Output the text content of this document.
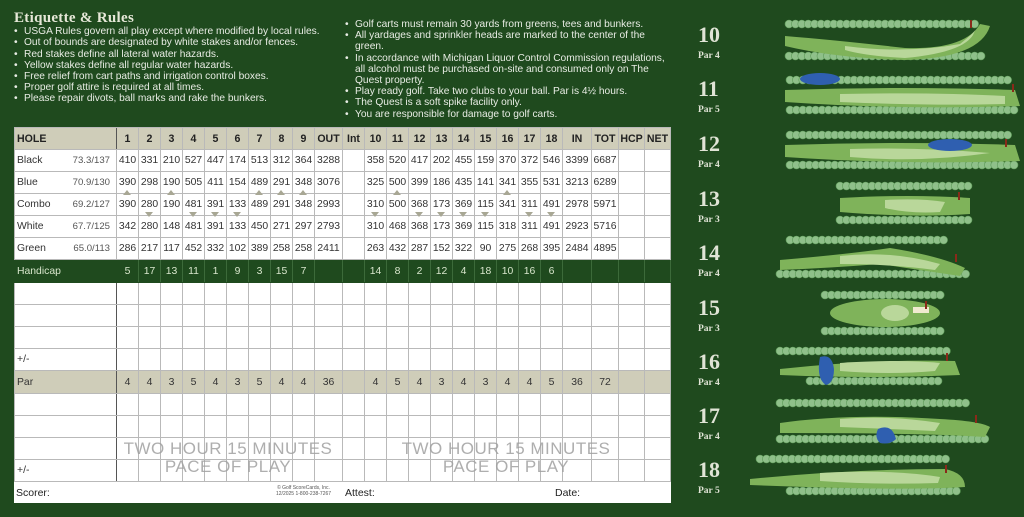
Etiquette & Rules
• USGA Rules govern all play except where modified by local rules.
• Out of bounds are designated by white stakes and/or fences.
• Red stakes define all lateral water hazards.
• Yellow stakes define all regular water hazards.
• Free relief from cart paths and irrigation control boxes.
• Proper golf attire is required at all times.
• Please repair divots, ball marks and rake the bunkers.
• Golf carts must remain 30 yards from greens, tees and bunkers.
• All yardages and sprinkler heads are marked to the center of the green.
• In accordance with Michigan Liquor Control Commission regulations, all alcohol must be purchased on-site and consumed only on The Quest property.
• Play ready golf. Take two clubs to your ball. Par is 4½ hours.
• The Quest is a soft spike facility only.
• You are responsible for damage to golf carts.
HOLE		1	2	3	4	5	6	7	8	9	OUT	Int	10	11	12	13	14	15	16	17	18	IN	TOT	HCP	NET
Black	73.3/137	410	331	210	527	447	174	513	312	364	3288		358	520	417	202	455	159	370	372	546	3399	6687		
Blue	70.9/130	390	298	190	505	411	154	489	291	348	3076		325	500	399	186	435	141	341	355	531	3213	6289		
Combo	69.2/127	390	280	190	481	391	133	489	291	348	2993		310	500	368	173	369	115	341	311	491	2978	5971		
White	67.7/125	342	280	148	481	391	133	450	271	297	2793		310	468	368	173	369	115	318	311	491	2923	5716		
Green	65.0/113	286	217	117	452	332	102	389	258	258	2411		263	432	287	152	322	90	275	268	395	2484	4895		
Handicap		5	17	13	11	1	9	3	15	7			14	8	2	12	4	18	10	16	6				

+/-																									
Par		4	4	3	5	4	3	5	4	4	36		4	5	4	3	4	3	4	4	5	36	72		

+/-																									
TWO HOUR 15 MINUTES
PACE OF PLAY
TWO HOUR 15 MINUTES
PACE OF PLAY
Scorer:	© Golf ScoreCards, Inc.
12/2025 1-800-238-7267 Attest:	Date:
10
Par 4
11
Par 5
12
Par 4
13
Par 3
14
Par 4
15
Par 3
16
Par 4
17
Par 4
18
Par 5
